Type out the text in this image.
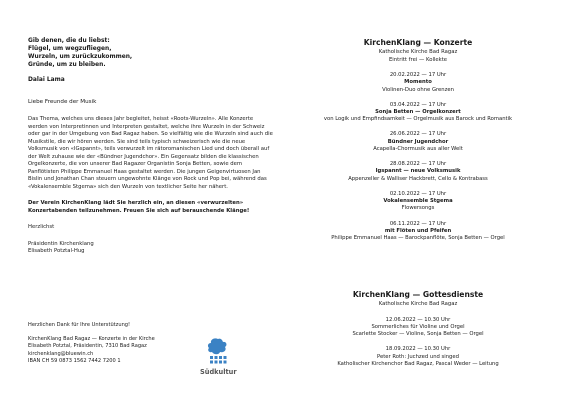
Gib denen, die du liebst:
Flügel, um wegzufliegen,
Wurzeln, um zurückzukommen,
Gründe, um zu bleiben.
Dalai Lama
Liebe Freunde der Musik
Das Thema, welches uns dieses Jahr begleitet, heisst «Roots-Wurzeln». Alle Konzerte werden von Interpretinnen und Interpreten gestaltet, welche ihre Wurzeln in der Schweiz oder gar in der Umgebung von Bad Ragaz haben. So vielfältig wie die Wurzeln sind auch die Musikstile, die wir hören werden. Sie sind teils typisch schweizerisch wie die neue Volksmusik von «IGspannt», teils verwurzelt im rätoromanischen Lied und doch überall auf der Welt zuhause wie der «Bündner Jugendchor». Ein Gegensatz bilden die klassischen Orgelkonzerte, die von unserer Bad Ragazer Organistin Sonja Betten, sowie dem Panflötisten Philippe Emmanuel Haas gestaltet werden. Die jungen Geigenvirtuosen Jan Bislin und Jonathan Chan steuern ungewohnte Klänge von Rock und Pop bei, während das «Vokalensemble Stgema» sich den Wurzeln von textlicher Seite her nähert.
Der Verein KirchenKlang lädt Sie herzlich ein, an diesen «verwurzelten» Konzertabenden teilzunehmen. Freuen Sie sich auf berauschende Klänge!
Herzlichst
Präsidentin Kirchenklang
Elisabeth Potztal-Hug
Herzlichen Dank für Ihre Unterstützung!
KirchenKlang Bad Ragaz — Konzerte in der Kirche
Elisabeth Potztal, Präsidentin, 7310 Bad Ragaz
kirchenklang@bluewin.ch
IBAN CH 59 0873 1562 7442 7200 1
Südkultur
KirchenKlang — Konzerte
Katholische Kirche Bad Ragaz
Eintritt frei — Kollekte
20.02.2022 — 17 Uhr
Momento
Violinen-Duo ohne Grenzen
03.04.2022 — 17 Uhr
Sonja Betten — Orgelkonzert
von Logik und Empfindsamkeit — Orgelmusik aus Barock und Romantik
26.06.2022 — 17 Uhr
Bündner Jugendchor
Acapella-Chormusik aus aller Welt
28.08.2022 — 17 Uhr
Igspannt — neue Volksmusik
Appenzeller & Walliser Hackbrett, Cello & Kontrabass
02.10.2022 — 17 Uhr
Vokalensemble Stgema
Flowersongs
06.11.2022 — 17 Uhr
mit Flöten und Pfeifen
Philippe Emmanuel Haas — Barockpanflöte, Sonja Betten — Orgel
KirchenKlang — Gottesdienste
Katholische Kirche Bad Ragaz
12.06.2022 — 10.30 Uhr
Sommerliches für Violine und Orgel
Scarlette Stocker — Violine, Sonja Betten — Orgel
18.09.2022 — 10.30 Uhr
Peter Roth: Juchzed und singed
Katholischer Kirchenchor Bad Ragaz, Pascal Weder — Leitung
